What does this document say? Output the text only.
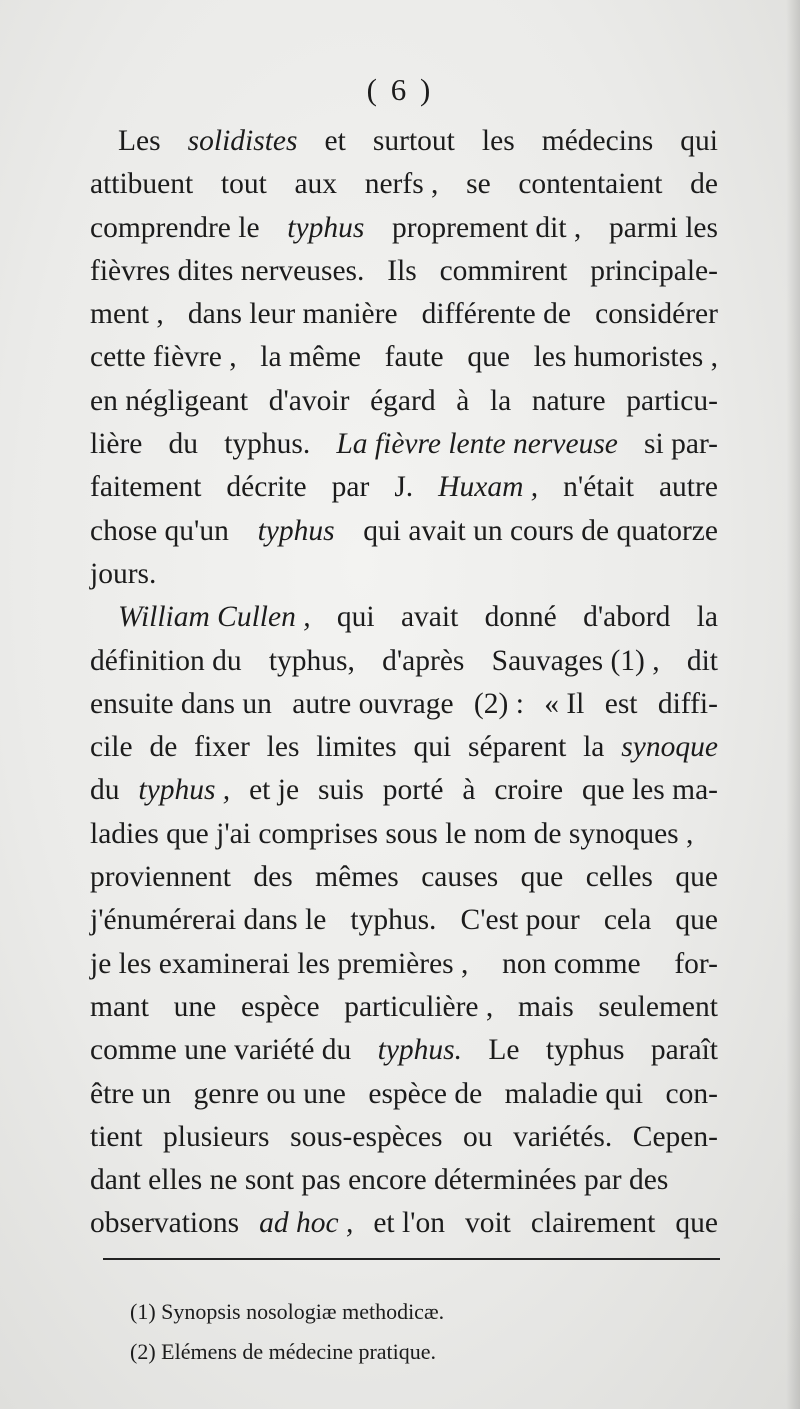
( 6 )
Les solidistes et surtout les médecins qui
attibuent tout aux nerfs , se contentaient de
comprendre le typhus proprement dit , parmi les
fièvres dites nerveuses. Ils commirent principale-
ment , dans leur manière différente de considérer
cette fièvre , la même faute que les humoristes ,
en négligeant d'avoir égard à la nature particu-
lière du typhus. La fièvre lente nerveuse si par-
faitement décrite par J. Huxam , n'était autre
chose qu'un typhus qui avait un cours de quatorze
jours.
William Cullen , qui avait donné d'abord la
définition du typhus, d'après Sauvages (1) , dit
ensuite dans un autre ouvrage (2) : « Il est diffi-
cile de fixer les limites qui séparent la synoque
du typhus , et je suis porté à croire que les ma-
ladies que j'ai comprises sous le nom de synoques ,
proviennent des mêmes causes que celles que
j'énumérerai dans le typhus. C'est pour cela que
je les examinerai les premières , non comme for-
mant une espèce particulière , mais seulement
comme une variété du typhus. Le typhus paraît
être un genre ou une espèce de maladie qui con-
tient plusieurs sous-espèces ou variétés. Cepen-
dant elles ne sont pas encore déterminées par des
observations ad hoc , et l'on voit clairement que
(1) Synopsis nosologiæ methodicæ.
(2) Elémens de médecine pratique.
